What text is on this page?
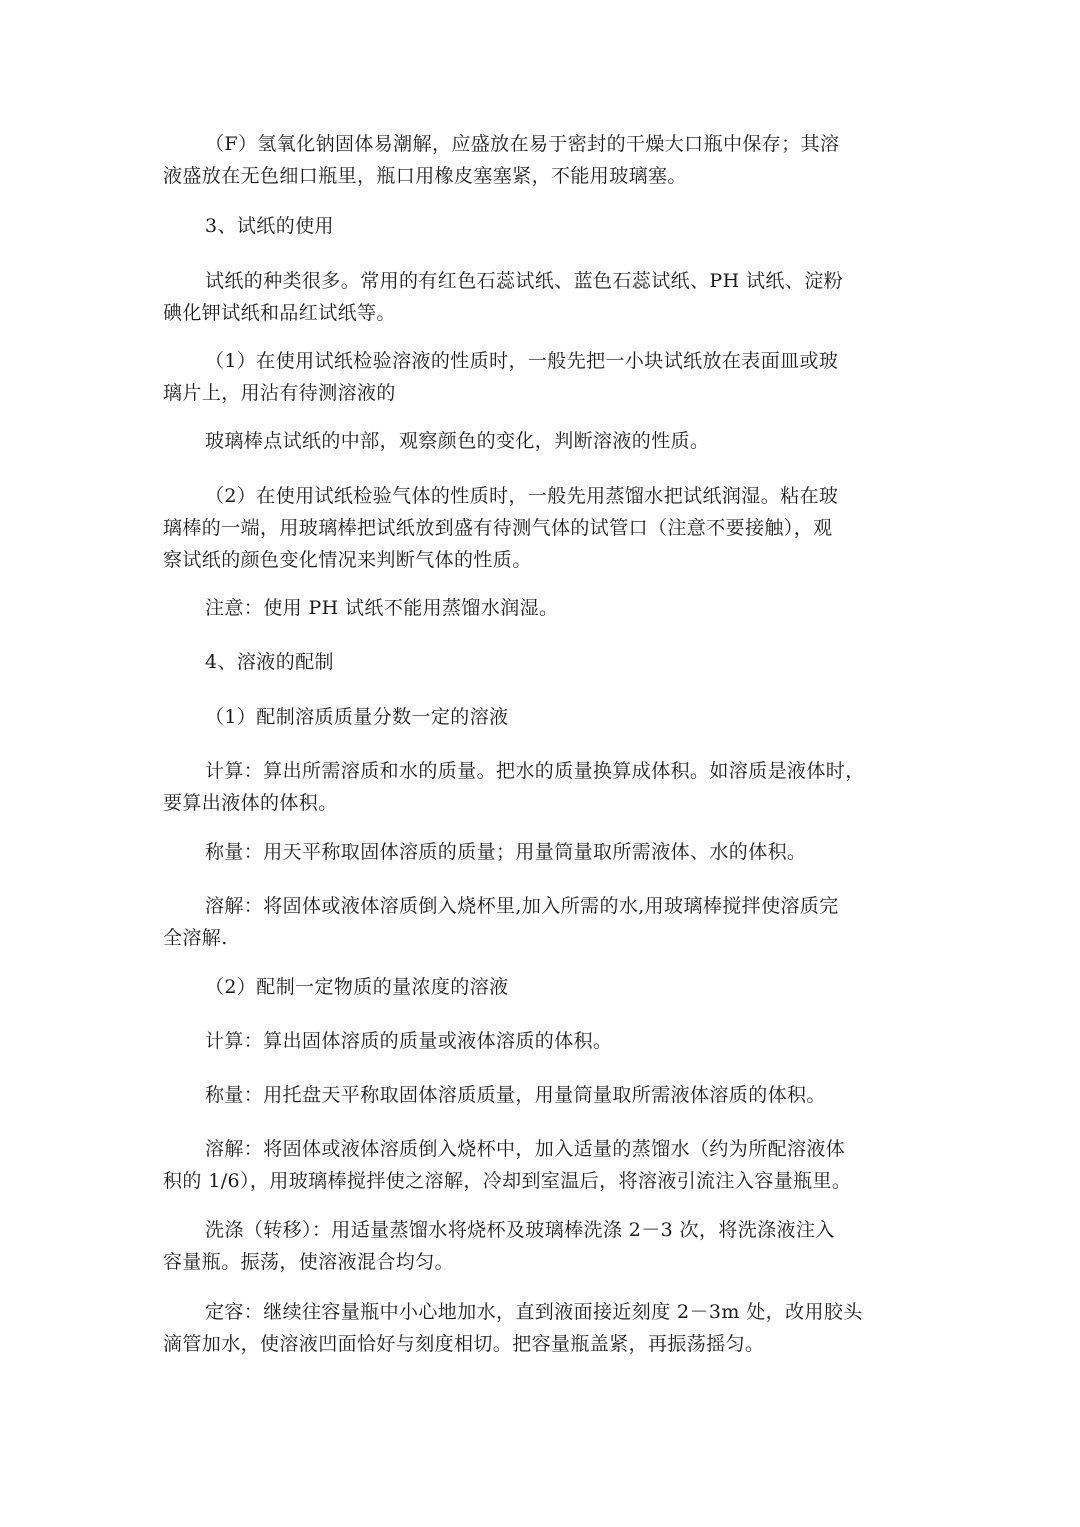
（F）氢氧化钠固体易潮解，应盛放在易于密封的干燥大口瓶中保存；其溶
液盛放在无色细口瓶里，瓶口用橡皮塞塞紧，不能用玻璃塞。

3、试纸的使用

试纸的种类很多。常用的有红色石蕊试纸、蓝色石蕊试纸、PH 试纸、淀粉
碘化钾试纸和品红试纸等。

（1）在使用试纸检验溶液的性质时，一般先把一小块试纸放在表面皿或玻
璃片上，用沾有待测溶液的

玻璃棒点试纸的中部，观察颜色的变化，判断溶液的性质。

（2）在使用试纸检验气体的性质时，一般先用蒸馏水把试纸润湿。粘在玻
璃棒的一端，用玻璃棒把试纸放到盛有待测气体的试管口（注意不要接触），观
察试纸的颜色变化情况来判断气体的性质。

注意：使用 PH 试纸不能用蒸馏水润湿。

4、溶液的配制

（1）配制溶质质量分数一定的溶液

计算：算出所需溶质和水的质量。把水的质量换算成体积。如溶质是液体时，
要算出液体的体积。

称量：用天平称取固体溶质的质量；用量筒量取所需液体、水的体积。

溶解：将固体或液体溶质倒入烧杯里,加入所需的水,用玻璃棒搅拌使溶质完
全溶解.

（2）配制一定物质的量浓度的溶液

计算：算出固体溶质的质量或液体溶质的体积。

称量：用托盘天平称取固体溶质质量，用量筒量取所需液体溶质的体积。

溶解：将固体或液体溶质倒入烧杯中，加入适量的蒸馏水（约为所配溶液体
积的 1/6），用玻璃棒搅拌使之溶解，冷却到室温后，将溶液引流注入容量瓶里。

洗涤（转移）：用适量蒸馏水将烧杯及玻璃棒洗涤 2－3 次，将洗涤液注入
容量瓶。振荡，使溶液混合均匀。

定容：继续往容量瓶中小心地加水，直到液面接近刻度 2－3m 处，改用胶头
滴管加水，使溶液凹面恰好与刻度相切。把容量瓶盖紧，再振荡摇匀。
